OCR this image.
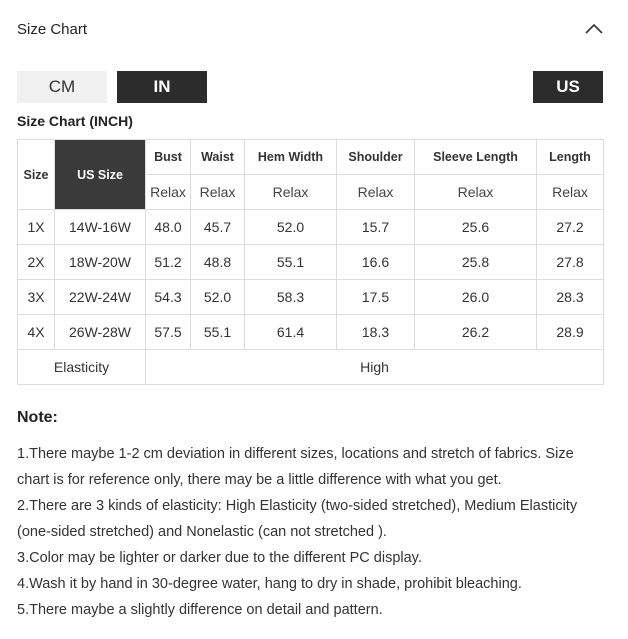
Size Chart
CM	IN	US
Size Chart (INCH)
Size	US Size	Bust	Waist	Hem Width	Shoulder	Sleeve Length	Length
		Relax	Relax	Relax	Relax	Relax	Relax
1X	14W-16W	48.0	45.7	52.0	15.7	25.6	27.2
2X	18W-20W	51.2	48.8	55.1	16.6	25.8	27.8
3X	22W-24W	54.3	52.0	58.3	17.5	26.0	28.3
4X	26W-28W	57.5	55.1	61.4	18.3	26.2	28.9
Elasticity		High					
Note:

1.There maybe 1-2 cm deviation in different sizes, locations and stretch of fabrics. Size chart is for reference only, there may be a little difference with what you get.

2.There are 3 kinds of elasticity: High Elasticity (two-sided stretched), Medium Elasticity (one-sided stretched) and Nonelastic (can not stretched ).

3.Color may be lighter or darker due to the different PC display.

4.Wash it by hand in 30-degree water, hang to dry in shade, prohibit bleaching.

5.There maybe a slightly difference on detail and pattern.
